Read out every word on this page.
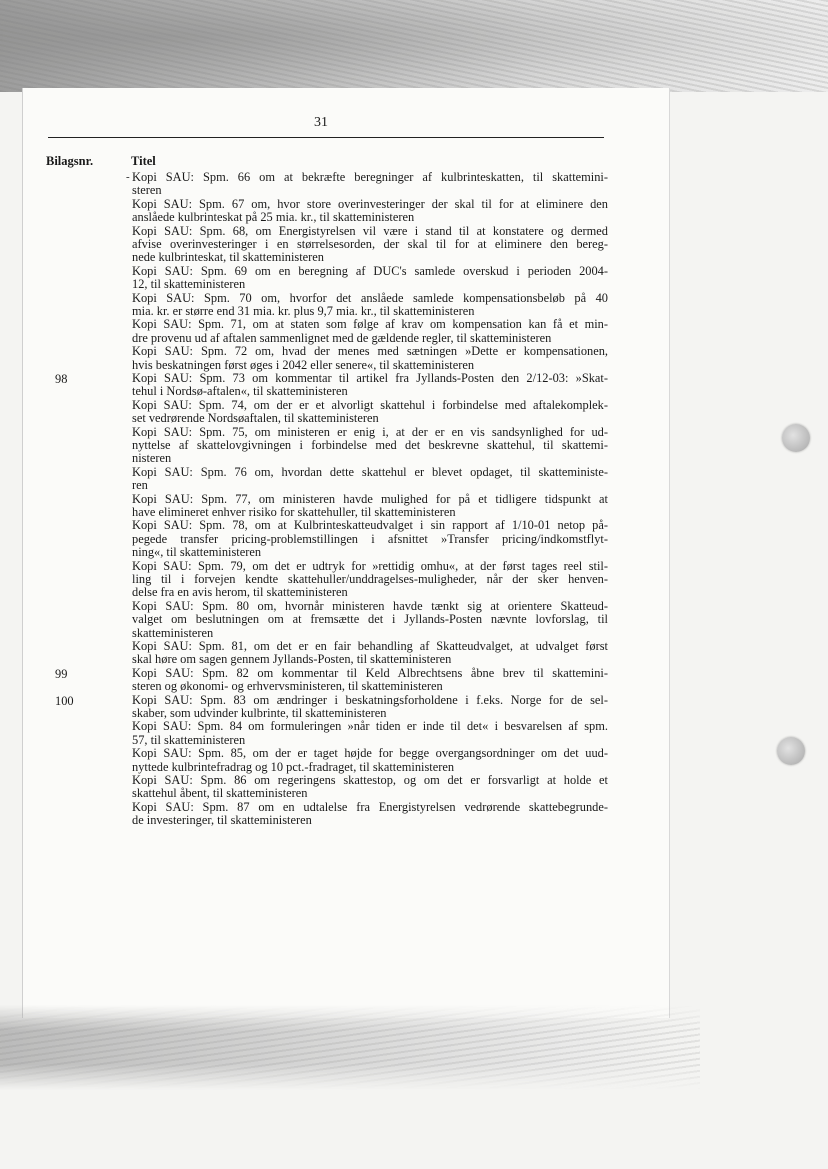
31
Bilagsnr.	Titel
- Kopi SAU: Spm. 66 om at bekræfte beregninger af kulbrinteskatten, til skattemini-
steren
Kopi SAU: Spm. 67 om, hvor store overinvesteringer der skal til for at eliminere den
anslåede kulbrinteskat på 25 mia. kr., til skatteministeren
Kopi SAU: Spm. 68, om Energistyrelsen vil være i stand til at konstatere og dermed
afvise overinvesteringer i en størrelsesorden, der skal til for at eliminere den bereg-
nede kulbrinteskat, til skatteministeren
Kopi SAU: Spm. 69 om en beregning af DUC's samlede overskud i perioden 2004-
12, til skatteministeren
Kopi SAU: Spm. 70 om, hvorfor det anslåede samlede kompensationsbeløb på 40
mia. kr. er større end 31 mia. kr. plus 9,7 mia. kr., til skatteministeren
Kopi SAU: Spm. 71, om at staten som følge af krav om kompensation kan få et min-
dre provenu ud af aftalen sammenlignet med de gældende regler, til skatteministeren
Kopi SAU: Spm. 72 om, hvad der menes med sætningen »Dette er kompensationen,
hvis beskatningen først øges i 2042 eller senere«, til skatteministeren
Kopi SAU: Spm. 73 om kommentar til artikel fra Jyllands-Posten den 2/12-03: »Skat-
tehul i Nordsø-aftalen«, til skatteministeren
98
Kopi SAU: Spm. 74, om der er et alvorligt skattehul i forbindelse med aftalekomplek-
set vedrørende Nordsøaftalen, til skatteministeren
Kopi SAU: Spm. 75, om ministeren er enig i, at der er en vis sandsynlighed for ud-
nyttelse af skattelovgivningen i forbindelse med det beskrevne skattehul, til skattemi-
nisteren
Kopi SAU: Spm. 76 om, hvordan dette skattehul er blevet opdaget, til skatteministe-
ren
Kopi SAU: Spm. 77, om ministeren havde mulighed for på et tidligere tidspunkt at
have elimineret enhver risiko for skattehuller, til skatteministeren
Kopi SAU: Spm. 78, om at Kulbrinteskatteudvalget i sin rapport af 1/10-01 netop på-
pegede transfer pricing-problemstillingen i afsnittet »Transfer pricing/indkomstflyt-
ning«, til skatteministeren
Kopi SAU: Spm. 79, om det er udtryk for »rettidig omhu«, at der først tages reel stil-
ling til i forvejen kendte skattehuller/unddragelses-muligheder, når der sker henven-
delse fra en avis herom, til skatteministeren
Kopi SAU: Spm. 80 om, hvornår ministeren havde tænkt sig at orientere Skatteud-
valget om beslutningen om at fremsætte det i Jyllands-Posten nævnte lovforslag, til
skatteministeren
Kopi SAU: Spm. 81, om det er en fair behandling af Skatteudvalget, at udvalget først
skal høre om sagen gennem Jyllands-Posten, til skatteministeren
Kopi SAU: Spm. 82 om kommentar til Keld Albrechtsens åbne brev til skattemini-
steren og økonomi- og erhvervsministeren, til skatteministeren
99
Kopi SAU: Spm. 83 om ændringer i beskatningsforholdene i f.eks. Norge for de sel-
skaber, som udvinder kulbrinte, til skatteministeren
100
Kopi SAU: Spm. 84 om formuleringen »når tiden er inde til det« i besvarelsen af spm.
57, til skatteministeren
Kopi SAU: Spm. 85, om der er taget højde for begge overgangsordninger om det uud-
nyttede kulbrintefradrag og 10 pct.-fradraget, til skatteministeren
Kopi SAU: Spm. 86 om regeringens skattestop, og om det er forsvarligt at holde et
skattehul åbent, til skatteministeren
Kopi SAU: Spm. 87 om en udtalelse fra Energistyrelsen vedrørende skattebegrunde-
de investeringer, til skatteministeren
